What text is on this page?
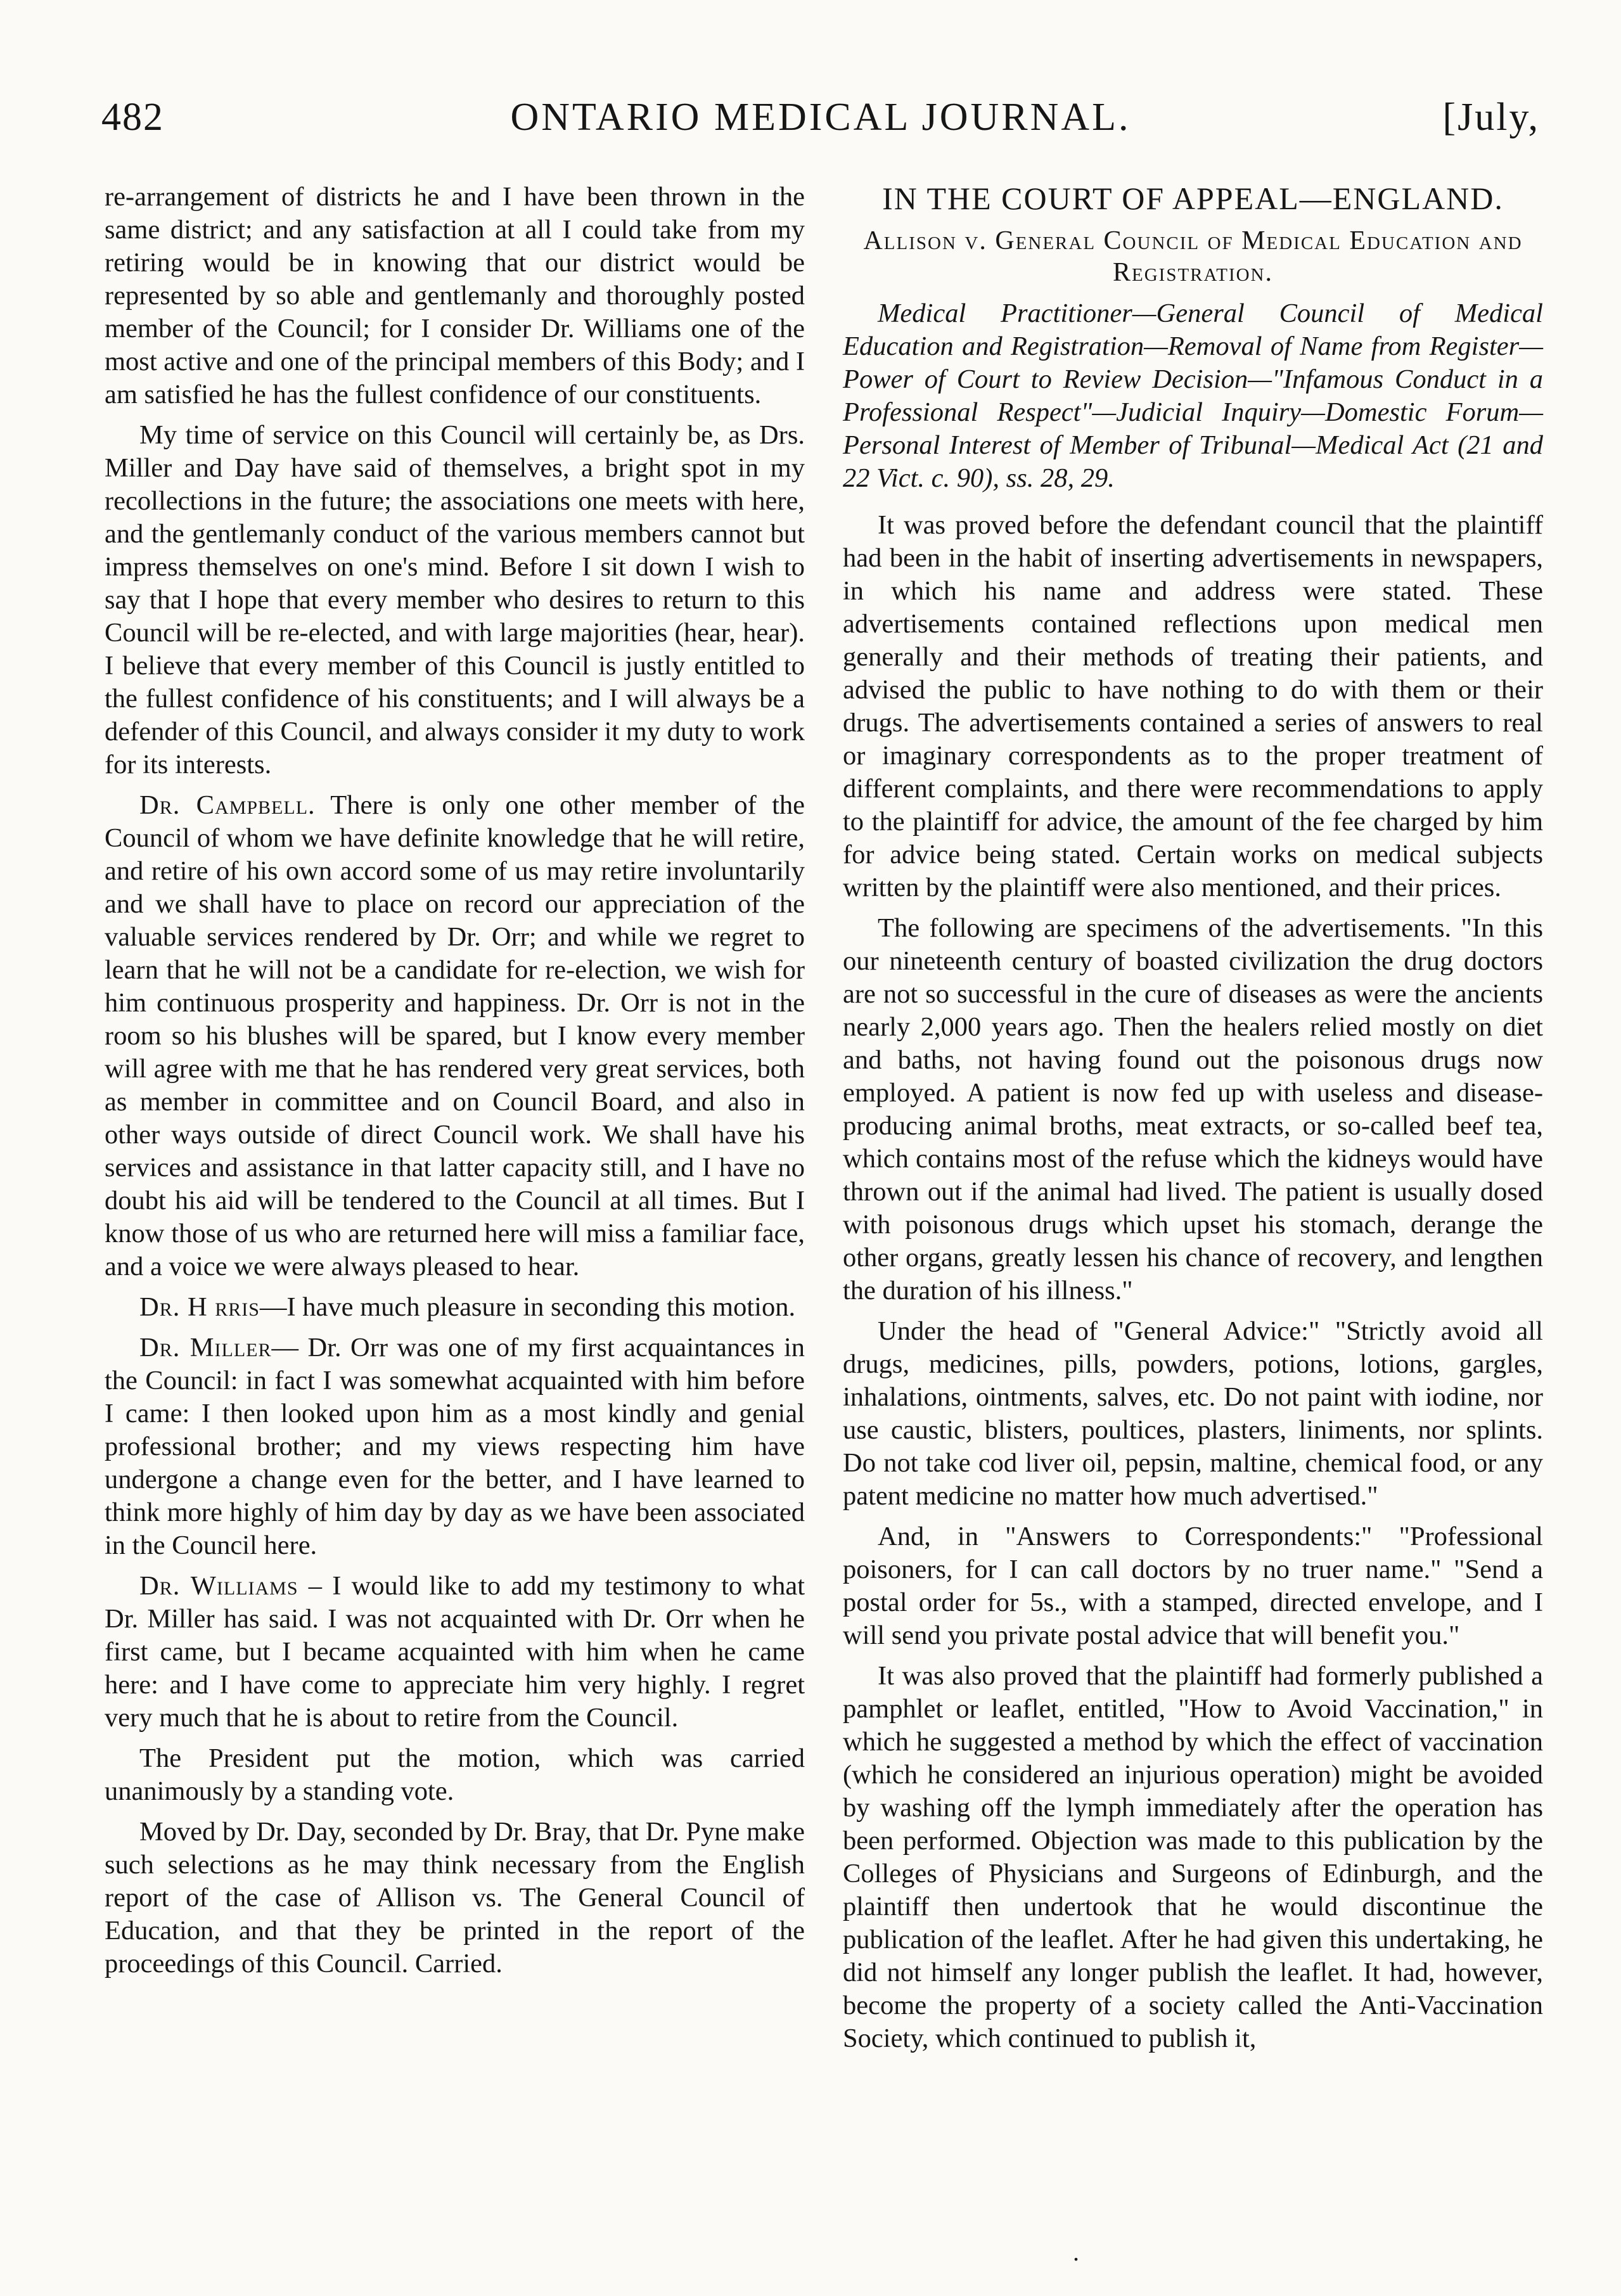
482	ONTARIO MEDICAL JOURNAL.	[July,

re-arrangement of districts he and I have been thrown in the same district; and any satisfaction at all I could take from my retiring would be in knowing that our district would be represented by so able and gentlemanly and thoroughly posted member of the Council; for I consider Dr. Williams one of the most active and one of the principal members of this Body; and I am satisfied he has the fullest confidence of our constituents.

My time of service on this Council will certainly be, as Drs. Miller and Day have said of themselves, a bright spot in my recollections in the future; the associations one meets with here, and the gentlemanly conduct of the various members cannot but impress themselves on one's mind. Before I sit down I wish to say that I hope that every member who desires to return to this Council will be re-elected, and with large majorities (hear, hear). I believe that every member of this Council is justly entitled to the fullest confidence of his constituents; and I will always be a defender of this Council, and always consider it my duty to work for its interests.

Dr. Campbell. There is only one other member of the Council of whom we have definite knowledge that he will retire, and retire of his own accord some of us may retire involuntarily and we shall have to place on record our appreciation of the valuable services rendered by Dr. Orr; and while we regret to learn that he will not be a candidate for re-election, we wish for him continuous prosperity and happiness. Dr. Orr is not in the room so his blushes will be spared, but I know every member will agree with me that he has rendered very great services, both as member in committee and on Council Board, and also in other ways outside of direct Council work. We shall have his services and assistance in that latter capacity still, and I have no doubt his aid will be tendered to the Council at all times. But I know those of us who are returned here will miss a familiar face, and a voice we were always pleased to hear.

Dr. H rris—I have much pleasure in seconding this motion.

Dr. Miller— Dr. Orr was one of my first acquaintances in the Council: in fact I was somewhat acquainted with him before I came: I then looked upon him as a most kindly and genial professional brother; and my views respecting him have undergone a change even for the better, and I have learned to think more highly of him day by day as we have been associated in the Council here.

Dr. Williams – I would like to add my testimony to what Dr. Miller has said. I was not acquainted with Dr. Orr when he first came, but I became acquainted with him when he came here: and I have come to appreciate him very highly. I regret very much that he is about to retire from the Council.

The President put the motion, which was carried unanimously by a standing vote.

Moved by Dr. Day, seconded by Dr. Bray, that Dr. Pyne make such selections as he may think necessary from the English report of the case of Allison vs. The General Council of Education, and that they be printed in the report of the proceedings of this Council. Carried.

IN THE COURT OF APPEAL—ENGLAND.
Allison v. General Council of Medical Education and Registration.
Medical Practitioner—General Council of Medical Education and Registration—Removal of Name from Register—Power of Court to Review Decision—"Infamous Conduct in a Professional Respect"—Judicial Inquiry—Domestic Forum—Personal Interest of Member of Tribunal—Medical Act (21 and 22 Vict. c. 90), ss. 28, 29.

It was proved before the defendant council that the plaintiff had been in the habit of inserting advertisements in newspapers, in which his name and address were stated. These advertisements contained reflections upon medical men generally and their methods of treating their patients, and advised the public to have nothing to do with them or their drugs. The advertisements contained a series of answers to real or imaginary correspondents as to the proper treatment of different complaints, and there were recommendations to apply to the plaintiff for advice, the amount of the fee charged by him for advice being stated. Certain works on medical subjects written by the plaintiff were also mentioned, and their prices.

The following are specimens of the advertisements. "In this our nineteenth century of boasted civilization the drug doctors are not so successful in the cure of diseases as were the ancients nearly 2,000 years ago. Then the healers relied mostly on diet and baths, not having found out the poisonous drugs now employed. A patient is now fed up with useless and disease-producing animal broths, meat extracts, or so-called beef tea, which contains most of the refuse which the kidneys would have thrown out if the animal had lived. The patient is usually dosed with poisonous drugs which upset his stomach, derange the other organs, greatly lessen his chance of recovery, and lengthen the duration of his illness."

Under the head of "General Advice:" "Strictly avoid all drugs, medicines, pills, powders, potions, lotions, gargles, inhalations, ointments, salves, etc. Do not paint with iodine, nor use caustic, blisters, poultices, plasters, liniments, nor splints. Do not take cod liver oil, pepsin, maltine, chemical food, or any patent medicine no matter how much advertised."

And, in "Answers to Correspondents:" "Professional poisoners, for I can call doctors by no truer name." "Send a postal order for 5s., with a stamped, directed envelope, and I will send you private postal advice that will benefit you."

It was also proved that the plaintiff had formerly published a pamphlet or leaflet, entitled, "How to Avoid Vaccination," in which he suggested a method by which the effect of vaccination (which he considered an injurious operation) might be avoided by washing off the lymph immediately after the operation has been performed. Objection was made to this publication by the Colleges of Physicians and Surgeons of Edinburgh, and the plaintiff then undertook that he would discontinue the publication of the leaflet. After he had given this undertaking, he did not himself any longer publish the leaflet. It had, however, become the property of a society called the Anti-Vaccination Society, which continued to publish it,

.
